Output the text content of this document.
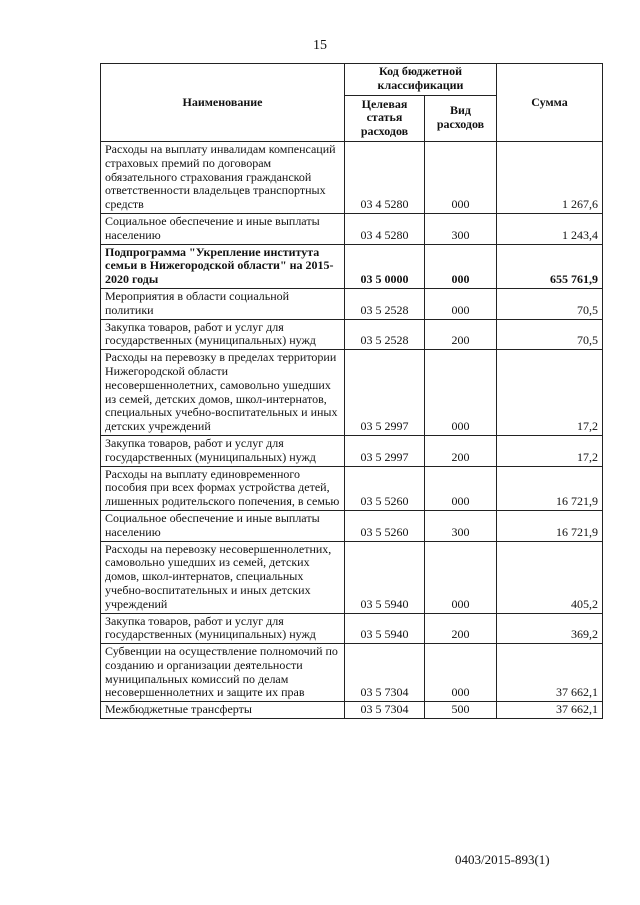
15
Наименование	Код бюджетной классификации		Сумма
	Целевая статья расходов	Вид расходов	
Расходы на выплату инвалидам компенсаций страховых премий по договорам обязательного страхования гражданской ответственности владельцев транспортных средств	03 4 5280	000	1 267,6
Социальное обеспечение и иные выплаты населению	03 4 5280	300	1 243,4
Подпрограмма "Укрепление института семьи в Нижегородской области" на 2015-2020 годы	03 5 0000	000	655 761,9
Мероприятия в области социальной политики	03 5 2528	000	70,5
Закупка товаров, работ и услуг для государственных (муниципальных) нужд	03 5 2528	200	70,5
Расходы на перевозку в пределах территории Нижегородской области несовершеннолетних, самовольно ушедших из семей, детских домов, школ-интернатов, специальных учебно-воспитательных и иных детских учреждений	03 5 2997	000	17,2
Закупка товаров, работ и услуг для государственных (муниципальных) нужд	03 5 2997	200	17,2
Расходы на выплату единовременного пособия при всех формах устройства детей, лишенных родительского попечения, в семью	03 5 5260	000	16 721,9
Социальное обеспечение и иные выплаты населению	03 5 5260	300	16 721,9
Расходы на перевозку несовершеннолетних, самовольно ушедших из семей, детских домов, школ-интернатов, специальных учебно-воспитательных и иных детских учреждений	03 5 5940	000	405,2
Закупка товаров, работ и услуг для государственных (муниципальных) нужд	03 5 5940	200	369,2
Субвенции на осуществление полномочий по созданию и организации деятельности муниципальных комиссий по делам несовершеннолетних и защите их прав	03 5 7304	000	37 662,1
Межбюджетные трансферты	03 5 7304	500	37 662,1
0403/2015-893(1)
